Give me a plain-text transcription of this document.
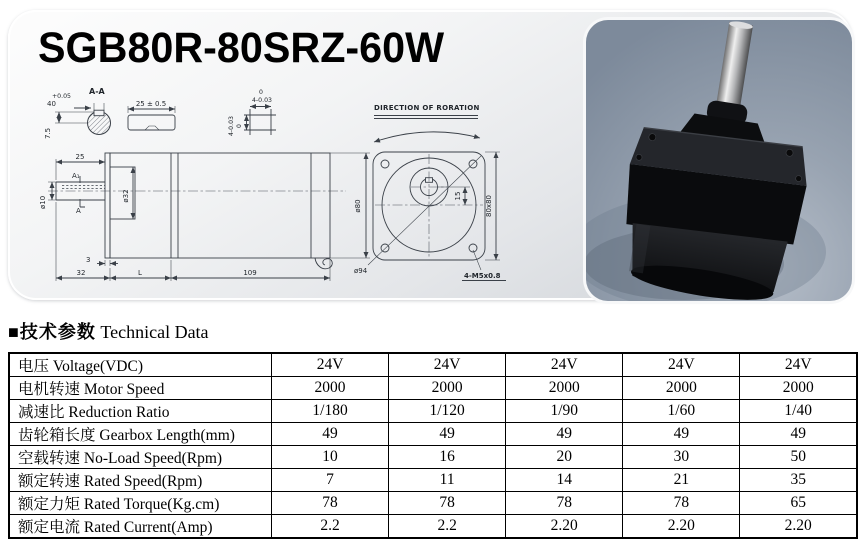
SGB80R-80SRZ-60W
+0.05
40
A-A
7.5
25 ± 0.5
0
4-0.03
0
4-0.03
A₁
A
25
ø10	ø32
3
32	L	109
ø80
DIRECTION OF RORATION
ø94
4-M5x0.8
15	80x80
■技术参数 Technical Data
电压 Voltage(VDC)	24V	24V	24V	24V	24V
电机转速 Motor Speed	2000	2000	2000	2000	2000
减速比 Reduction Ratio	1/180	1/120	1/90	1/60	1/40
齿轮箱长度 Gearbox Length(mm)	49	49	49	49	49
空载转速 No-Load Speed(Rpm)	10	16	20	30	50
额定转速 Rated Speed(Rpm)	7	11	14	21	35
额定力矩 Rated Torque(Kg.cm)	78	78	78	78	65
额定电流 Rated Current(Amp)	2.2	2.2	2.20	2.20	2.20
